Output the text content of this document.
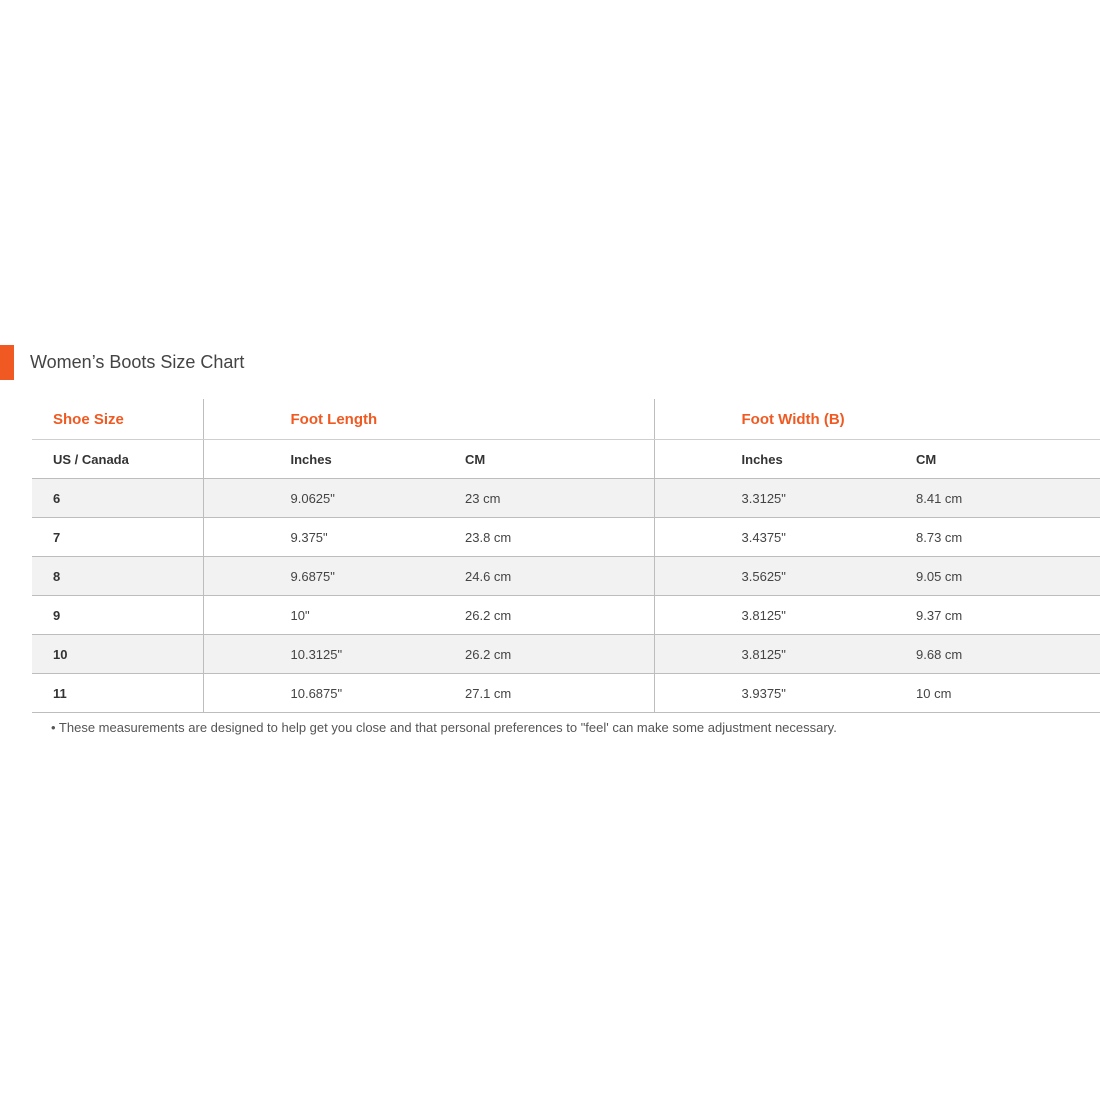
Women’s Boots Size Chart
Shoe Size	Foot Length		Foot Width (B)	
US / Canada	Inches	CM	Inches	CM
6	9.0625"	23 cm	3.3125"	8.41 cm
7	9.375"	23.8 cm	3.4375"	8.73 cm
8	9.6875"	24.6 cm	3.5625"	9.05 cm
9	10"	26.2 cm	3.8125"	9.37 cm
10	10.3125"	26.2 cm	3.8125"	9.68 cm
11	10.6875"	27.1 cm	3.9375"	10 cm
• These measurements are designed to help get you close and that personal preferences to "feel' can make some adjustment necessary.
